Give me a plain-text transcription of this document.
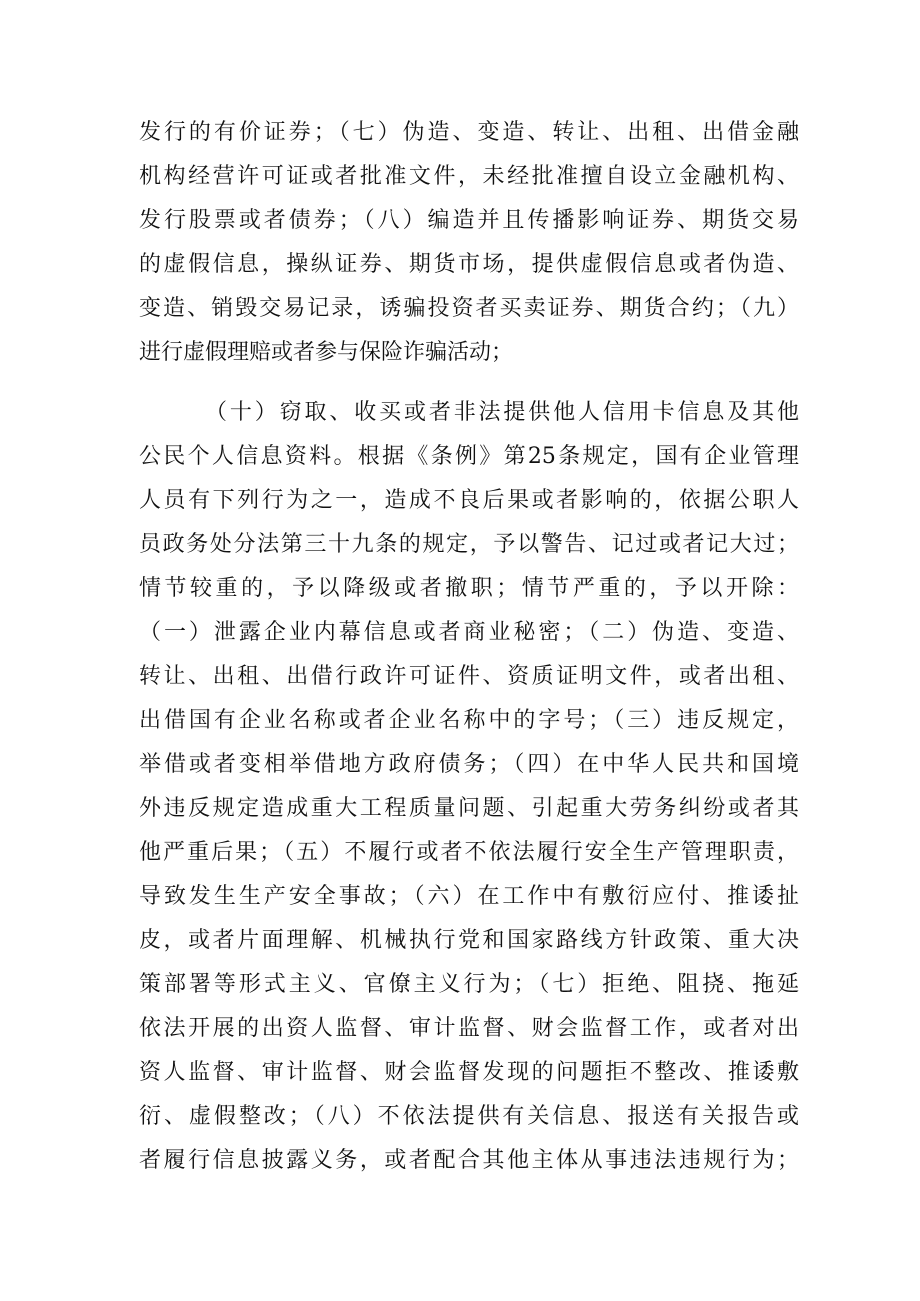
发行的有价证券；（七）伪造、变造、转让、出租、出借金融
机构经营许可证或者批准文件，未经批准擅自设立金融机构、
发行股票或者债券；（八）编造并且传播影响证券、期货交易
的虚假信息，操纵证券、期货市场，提供虚假信息或者伪造、
变造、销毁交易记录，诱骗投资者买卖证券、期货合约；（九）
进行虚假理赔或者参与保险诈骗活动；
（十）窃取、收买或者非法提供他人信用卡信息及其他
公民个人信息资料。根据《条例》第25条规定，国有企业管理
人员有下列行为之一，造成不良后果或者影响的，依据公职人
员政务处分法第三十九条的规定，予以警告、记过或者记大过；
情节较重的，予以降级或者撤职；情节严重的，予以开除：
（一）泄露企业内幕信息或者商业秘密；（二）伪造、变造、
转让、出租、出借行政许可证件、资质证明文件，或者出租、
出借国有企业名称或者企业名称中的字号；（三）违反规定，
举借或者变相举借地方政府债务；（四）在中华人民共和国境
外违反规定造成重大工程质量问题、引起重大劳务纠纷或者其
他严重后果；（五）不履行或者不依法履行安全生产管理职责，
导致发生生产安全事故；（六）在工作中有敷衍应付、推诿扯
皮，或者片面理解、机械执行党和国家路线方针政策、重大决
策部署等形式主义、官僚主义行为；（七）拒绝、阻挠、拖延
依法开展的出资人监督、审计监督、财会监督工作，或者对出
资人监督、审计监督、财会监督发现的问题拒不整改、推诿敷
衍、虚假整改；（八）不依法提供有关信息、报送有关报告或
者履行信息披露义务，或者配合其他主体从事违法违规行为；
